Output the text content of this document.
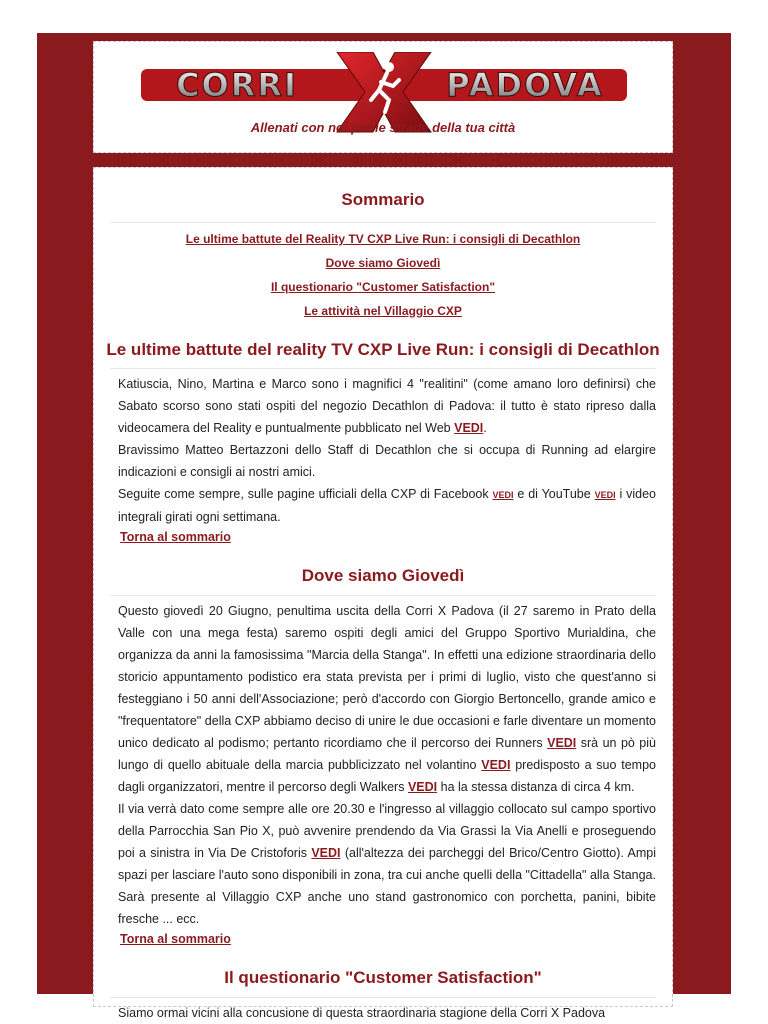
CORRI	PADOVA
X
Allenati con noi per le strade della tua città
Sommario
Le ultime battute del Reality TV CXP Live Run: i consigli di Decathlon
Dove siamo Giovedì
Il questionario "Customer Satisfaction"
Le attività nel Villaggio CXP
Le ultime battute del reality TV CXP Live Run: i consigli di Decathlon

Katiuscia, Nino, Martina e Marco sono i magnifici 4 "realitini" (come amano loro definirsi) che Sabato scorso sono stati ospiti del negozio Decathlon di Padova: il tutto è stato ripreso dalla videocamera del Reality e puntualmente pubblicato nel Web VEDI.
Bravissimo Matteo Bertazzoni dello Staff di Decathlon che si occupa di Running ad elargire indicazioni e consigli ai nostri amici.
Seguite come sempre, sulle pagine ufficiali della CXP di Facebook VEDI e di YouTube VEDI i video integrali girati ogni settimana.

Torna al sommario
Dove siamo Giovedì

Questo giovedì 20 Giugno, penultima uscita della Corri X Padova (il 27 saremo in Prato della Valle con una mega festa) saremo ospiti degli amici del Gruppo Sportivo Murialdina, che organizza da anni la famosissima "Marcia della Stanga". In effetti una edizione straordinaria dello storicio appuntamento podistico era stata prevista per i primi di luglio, visto che quest'anno si festeggiano i 50 anni dell'Associazione; però d'accordo con Giorgio Bertoncello, grande amico e "frequentatore" della CXP abbiamo deciso di unire le due occasioni e farle diventare un momento unico dedicato al podismo; pertanto ricordiamo che il percorso dei Runners VEDI srà un pò più lungo di quello abituale della marcia pubblicizzato nel volantino VEDI predisposto a suo tempo dagli organizzatori, mentre il percorso degli Walkers VEDI ha la stessa distanza di circa 4 km.
Il via verrà dato come sempre alle ore 20.30 e l'ingresso al villaggio collocato sul campo sportivo della Parrocchia San Pio X, può avvenire prendendo da Via Grassi la Via Anelli e proseguendo poi a sinistra in Via De Cristoforis VEDI (all'altezza dei parcheggi del Brico/Centro Giotto). Ampi spazi per lasciare l'auto sono disponibili in zona, tra cui anche quelli della "Cittadella" alla Stanga.
Sarà presente al Villaggio CXP anche uno stand gastronomico con porchetta, panini, bibite fresche ... ecc.

Torna al sommario
Il questionario "Customer Satisfaction"

Siamo ormai vicini alla concusione di questa straordinaria stagione della Corri X Padova
